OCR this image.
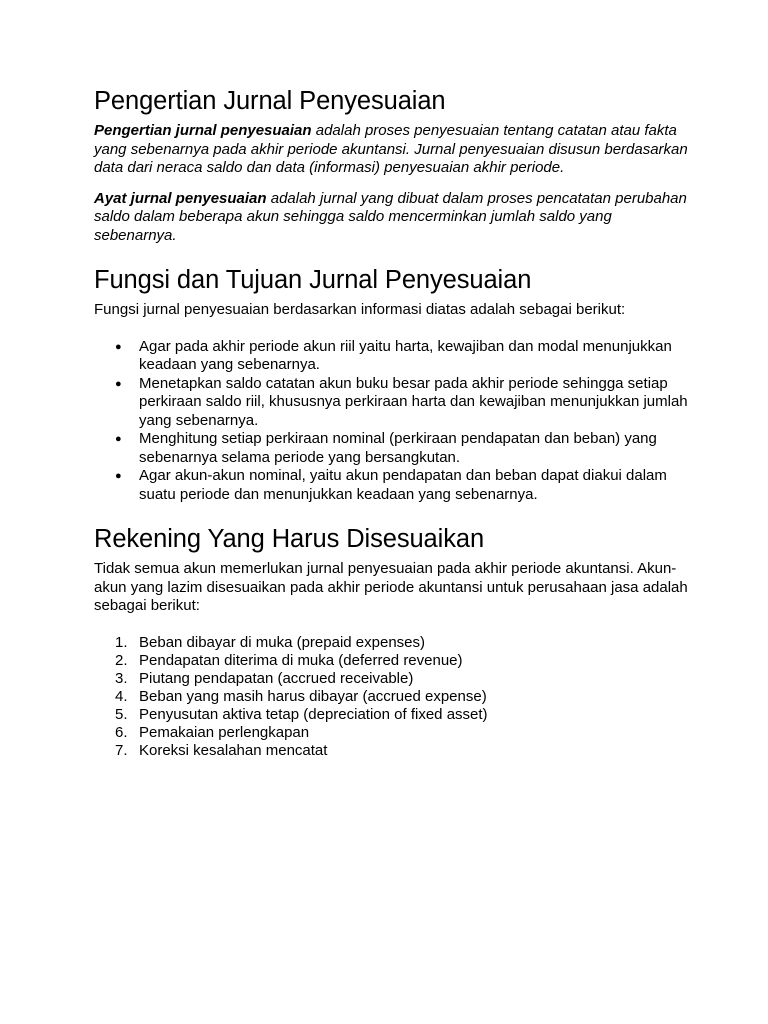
Pengertian Jurnal Penyesuaian

Pengertian jurnal penyesuaian adalah proses penyesuaian tentang catatan atau fakta yang sebenarnya pada akhir periode akuntansi. Jurnal penyesuaian disusun berdasarkan data dari neraca saldo dan data (informasi) penyesuaian akhir periode.

Ayat jurnal penyesuaian adalah jurnal yang dibuat dalam proses pencatatan perubahan saldo dalam beberapa akun sehingga saldo mencerminkan jumlah saldo yang sebenarnya.

Fungsi dan Tujuan Jurnal Penyesuaian

Fungsi jurnal penyesuaian berdasarkan informasi diatas adalah sebagai berikut:

● Agar pada akhir periode akun riil yaitu harta, kewajiban dan modal menunjukkan keadaan yang sebenarnya.
● Menetapkan saldo catatan akun buku besar pada akhir periode sehingga setiap perkiraan saldo riil, khususnya perkiraan harta dan kewajiban menunjukkan jumlah yang sebenarnya.
● Menghitung setiap perkiraan nominal (perkiraan pendapatan dan beban) yang sebenarnya selama periode yang bersangkutan.
● Agar akun-akun nominal, yaitu akun pendapatan dan beban dapat diakui dalam suatu periode dan menunjukkan keadaan yang sebenarnya.
Rekening Yang Harus Disesuaikan

Tidak semua akun memerlukan jurnal penyesuaian pada akhir periode akuntansi. Akun-akun yang lazim disesuaikan pada akhir periode akuntansi untuk perusahaan jasa adalah sebagai berikut:

1. Beban dibayar di muka (prepaid expenses)
2. Pendapatan diterima di muka (deferred revenue)
3. Piutang pendapatan (accrued receivable)
4. Beban yang masih harus dibayar (accrued expense)
5. Penyusutan aktiva tetap (depreciation of fixed asset)
6. Pemakaian perlengkapan
7. Koreksi kesalahan mencatat
